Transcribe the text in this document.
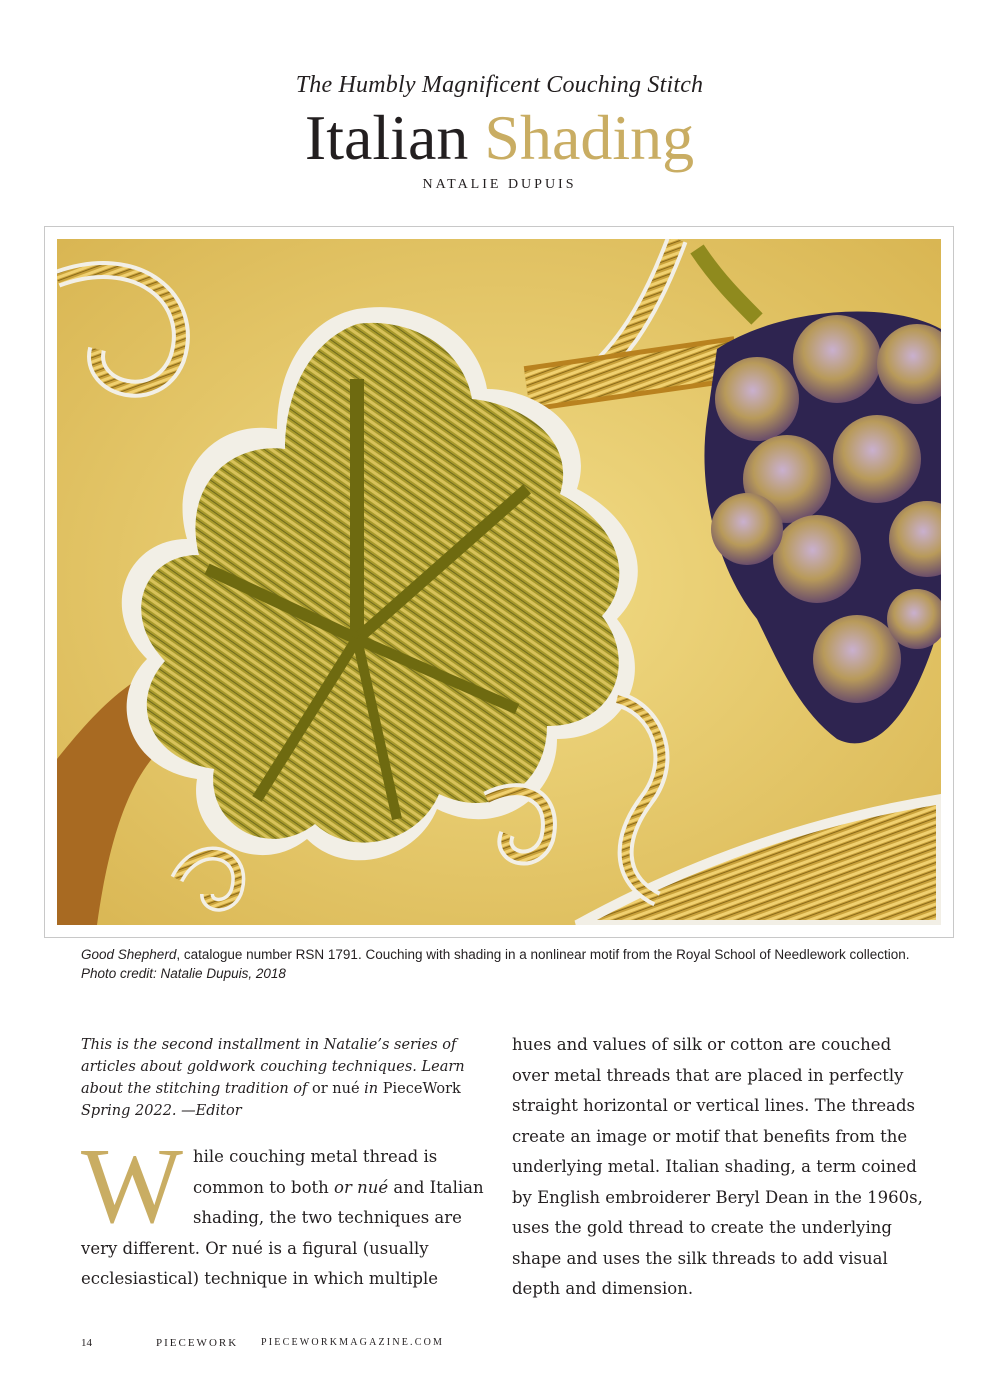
The Humbly Magnificent Couching Stitch
Italian Shading
NATALIE DUPUIS
Good Shepherd, catalogue number RSN 1791. Couching with shading in a nonlinear motif from the Royal School of Needlework collection.
Photo credit: Natalie Dupuis, 2018

This is the second installment in Natalie’s series of articles about goldwork couching techniques. Learn about the stitching tradition of or nué in PieceWork Spring 2022. —Editor

While couching metal thread is common to both or nué and Italian shading, the two techniques are very different. Or nué is a figural (usually ecclesiastical) technique in which multiple

hues and values of silk or cotton are couched over metal threads that are placed in perfectly straight horizontal or vertical lines. The threads create an image or motif that benefits from the underlying metal. Italian shading, a term coined by English embroiderer Beryl Dean in the 1960s, uses the gold thread to create the underlying shape and uses the silk threads to add visual depth and dimension.

14	PIECEWORK PIECEWORKMAGAZINE.COM
